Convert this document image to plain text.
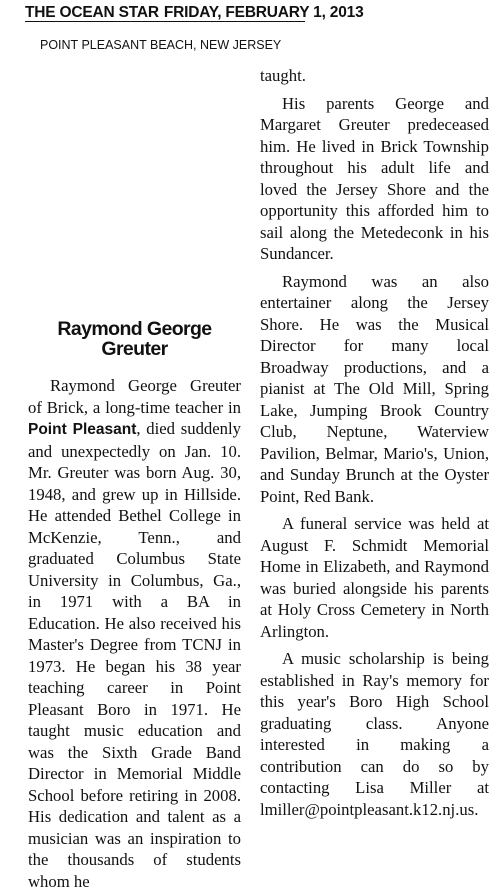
THE OCEAN STAR FRIDAY, FEBRUARY 1, 2013
POINT PLEASANT BEACH, NEW JERSEY
Raymond George
Greuter

Raymond George Greuter of Brick, a long-time teacher in Point Pleasant, died suddenly and unexpectedly on Jan. 10. Mr. Greuter was born Aug. 30, 1948, and grew up in Hillside. He attended Bethel College in McKenzie, Tenn., and graduated Columbus State University in Columbus, Ga., in 1971 with a BA in Education. He also received his Master's Degree from TCNJ in 1973. He began his 38 year teaching career in Point Pleasant Boro in 1971. He taught music education and was the Sixth Grade Band Director in Memorial Middle School before retiring in 2008. His dedication and talent as a musician was an inspiration to the thousands of students whom he

taught.

His parents George and Margaret Greuter predeceased him. He lived in Brick Township throughout his adult life and loved the Jersey Shore and the opportunity this afforded him to sail along the Metedeconk in his Sundancer.

Raymond was an also entertainer along the Jersey Shore. He was the Musical Director for many local Broadway productions, and a pianist at The Old Mill, Spring Lake, Jumping Brook Country Club, Neptune, Waterview Pavilion, Belmar, Mario's, Union, and Sunday Brunch at the Oyster Point, Red Bank.

A funeral service was held at August F. Schmidt Memorial Home in Elizabeth, and Raymond was buried alongside his parents at Holy Cross Cemetery in North Arlington.

A music scholarship is being established in Ray's memory for this year's Boro High School graduating class. Anyone interested in making a contribution can do so by contacting Lisa Miller at lmiller@pointpleasant.k12.nj.us.
